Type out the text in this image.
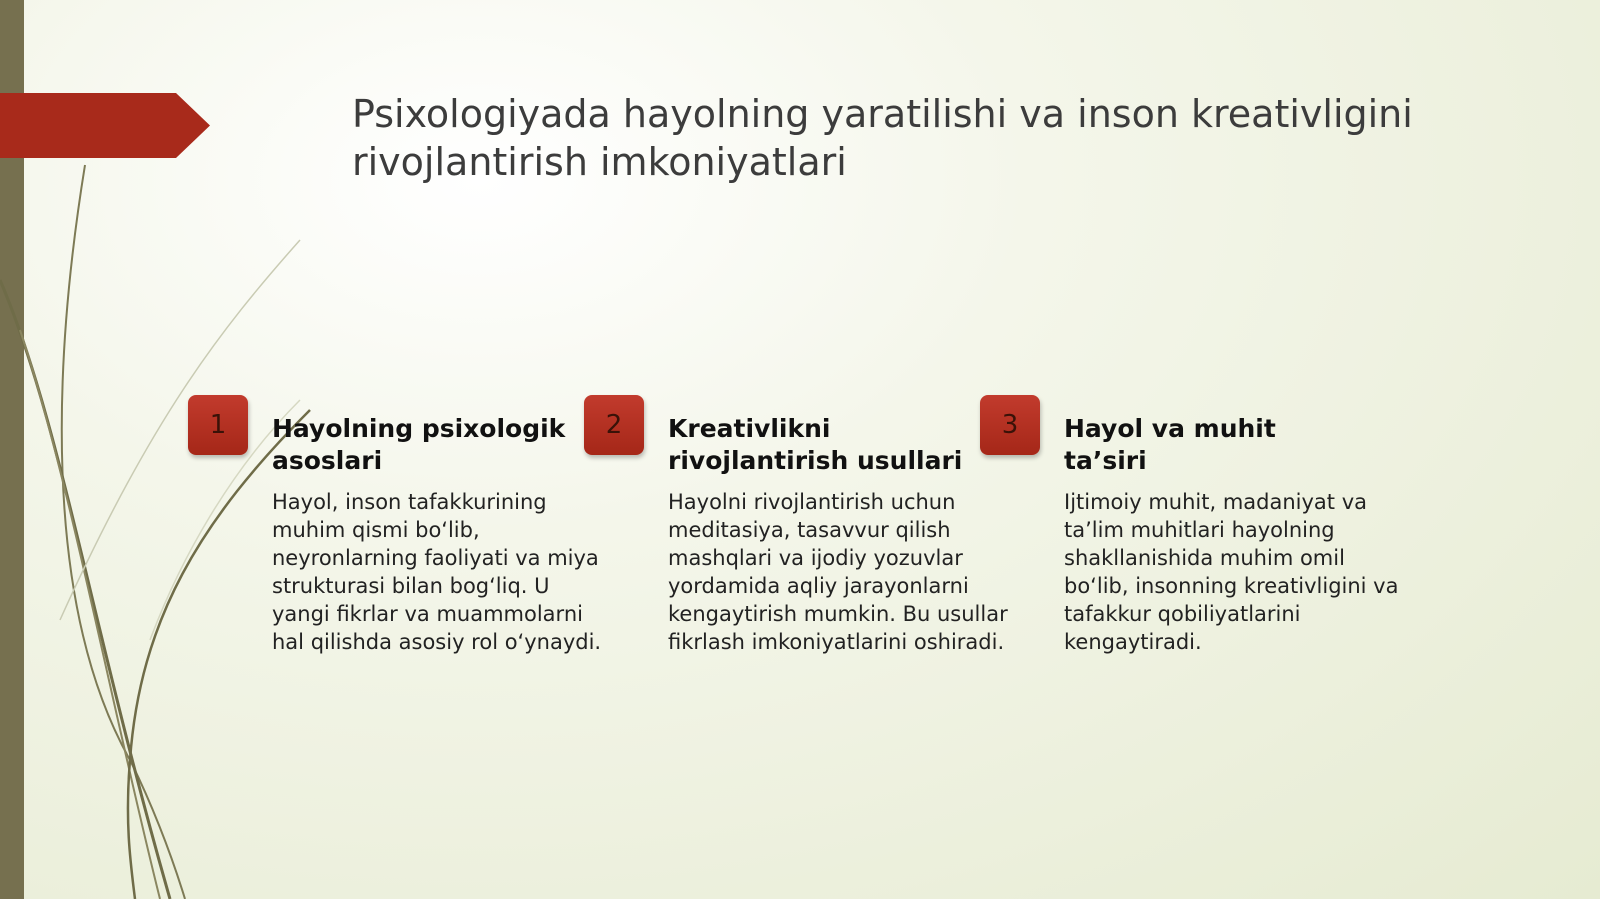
Psixologiyada hayolning yaratilishi va inson kreativligini rivojlantirish imkoniyatlari
1	Hayolning psixologik asoslari

Hayol, inson tafakkurining muhim qismi bo‘lib, neyronlarning faoliyati va miya strukturasi bilan bog‘liq. U yangi fikrlar va muammolarni hal qilishda asosiy rol o‘ynaydi.

2	Kreativlikni rivojlantirish usullari

Hayolni rivojlantirish uchun meditasiya, tasavvur qilish mashqlari va ijodiy yozuvlar yordamida aqliy jarayonlarni kengaytirish mumkin. Bu usullar fikrlash imkoniyatlarini oshiradi.

3	Hayol va muhit ta’siri

Ijtimoiy muhit, madaniyat va ta’lim muhitlari hayolning shakllanishida muhim omil bo‘lib, insonning kreativligini va tafakkur qobiliyatlarini kengaytiradi.
